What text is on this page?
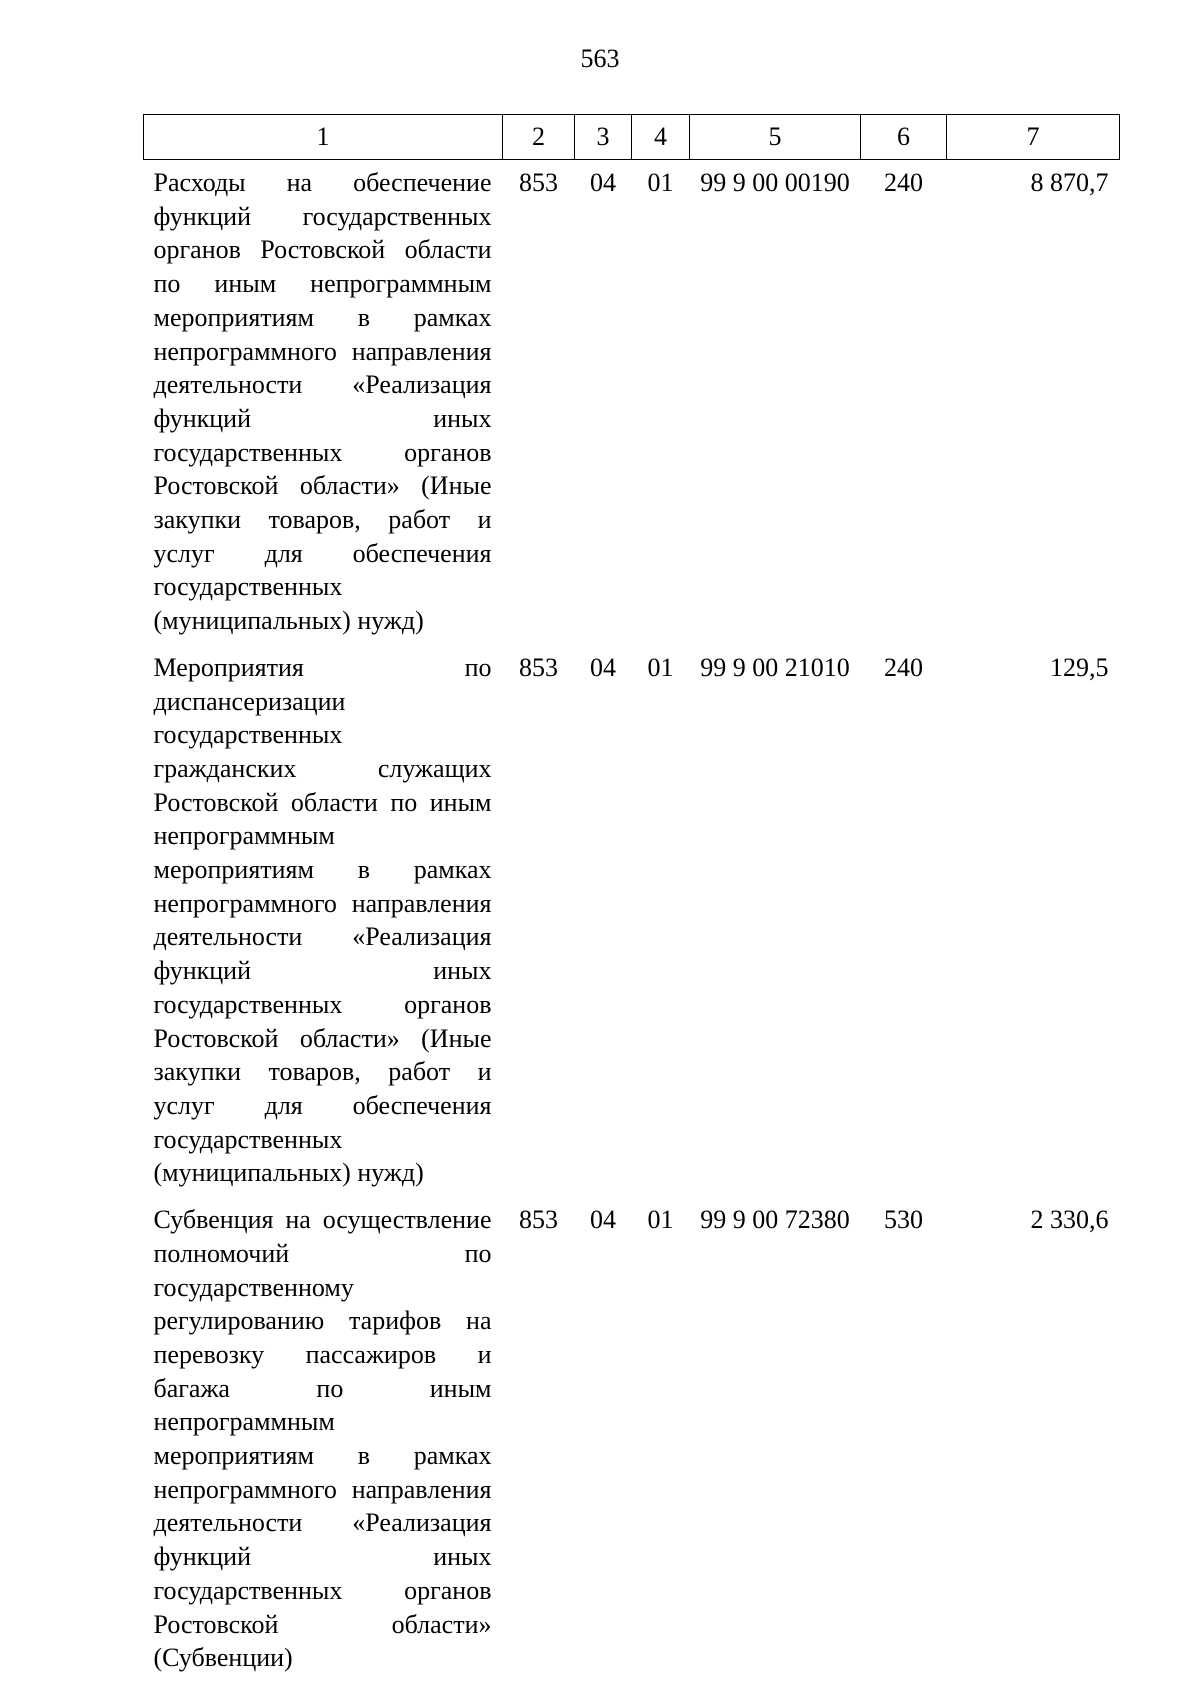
563
1	2	3	4	5	6	7
Расходы на обеспечение функций государственных органов Ростовской области по иным непрограммным мероприятиям в рамках непрограммного направления деятельности «Реализация функций иных государственных органов Ростовской области» (Иные закупки товаров, работ и услуг для обеспечения государственных (муниципальных) нужд)	853	04	01	99 9 00 00190	240	8 870,7
Мероприятия по диспансеризации государственных гражданских служащих Ростовской области по иным непрограммным мероприятиям в рамках непрограммного направления деятельности «Реализация функций иных государственных органов Ростовской области» (Иные закупки товаров, работ и услуг для обеспечения государственных (муниципальных) нужд)	853	04	01	99 9 00 21010	240	129,5
Субвенция на осуществление полномочий по государственному регулированию тарифов на перевозку пассажиров и багажа по иным непрограммным мероприятиям в рамках непрограммного направления деятельности «Реализация функций иных государственных органов Ростовской области» (Субвенции)	853	04	01	99 9 00 72380	530	2 330,6
